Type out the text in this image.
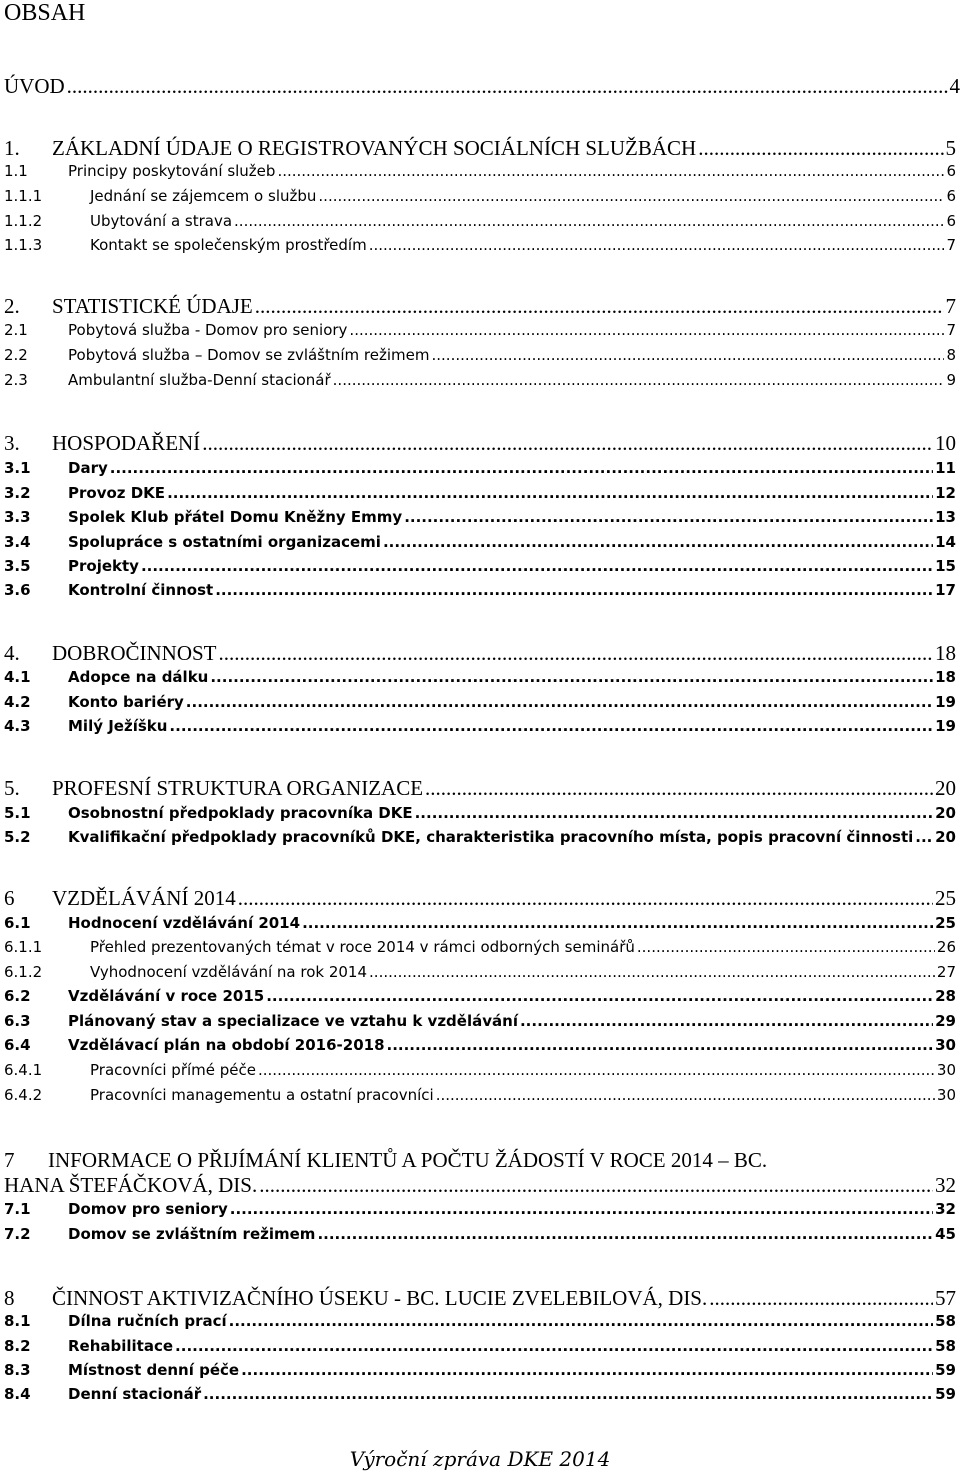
OBSAH
ÚVOD .....	4
1.	ZÁKLADNÍ ÚDAJE O REGISTROVANÝCH SOCIÁLNÍCH SLUŽBÁCH .....	5
1.1	Principy poskytování služeb .....	6
1.1.1	Jednání se zájemcem o službu .....	6
1.1.2	Ubytování a strava .....	6
1.1.3	Kontakt se společenským prostředím .....	7
2.	STATISTICKÉ ÚDAJE .....	7
2.1	Pobytová služba - Domov pro seniory .....	7
2.2	Pobytová služba – Domov se zvláštním režimem .....	8
2.3	Ambulantní služba-Denní stacionář .....	9
3.	HOSPODAŘENÍ .....	10
3.1	Dary .....	11
3.2	Provoz DKE .....	12
3.3	Spolek Klub přátel Domu Kněžny Emmy .....	13
3.4	Spolupráce s ostatními organizacemi .....	14
3.5	Projekty .....	15
3.6	Kontrolní činnost .....	17
4.	DOBROČINNOST .....	18
4.1	Adopce na dálku .....	18
4.2	Konto bariéry .....	19
4.3	Milý Ježíšku .....	19
5.	PROFESNÍ STRUKTURA ORGANIZACE .....	20
5.1	Osobnostní předpoklady pracovníka DKE .....	20
5.2	Kvalifikační předpoklady pracovníků DKE, charakteristika pracovního místa, popis pracovní činnosti ..... 20
6	VZDĚLÁVÁNÍ 2014 .....	25
6.1	Hodnocení vzdělávání 2014 .....	25
6.1.1	Přehled prezentovaných témat v roce 2014 v rámci odborných seminářů .....	26
6.1.2	Vyhodnocení vzdělávání na rok 2014 .....	27
6.2	Vzdělávání v roce 2015 .....	28
6.3	Plánovaný stav a specializace ve vztahu k vzdělávání .....	29
6.4	Vzdělávací plán na období 2016-2018 .....	30
6.4.1	Pracovníci přímé péče .....	30
6.4.2	Pracovníci managementu a ostatní pracovníci .....	30
7 INFORMACE O PŘIJÍMÁNÍ KLIENTŮ A POČTU ŽÁDOSTÍ V ROCE 2014 – BC.
HANA ŠTEFÁČKOVÁ, DIS. .....	32
7.1	Domov pro seniory .....	32
7.2	Domov se zvláštním režimem .....	45
8	ČINNOST AKTIVIZAČNÍHO ÚSEKU - BC. LUCIE ZVELEBILOVÁ, DIS. .....	57
8.1	Dílna ručních prací .....	58
8.2	Rehabilitace .....	58
8.3	Místnost denní péče .....	59
8.4	Denní stacionář .....	59
Výroční zpráva DKE 2014
